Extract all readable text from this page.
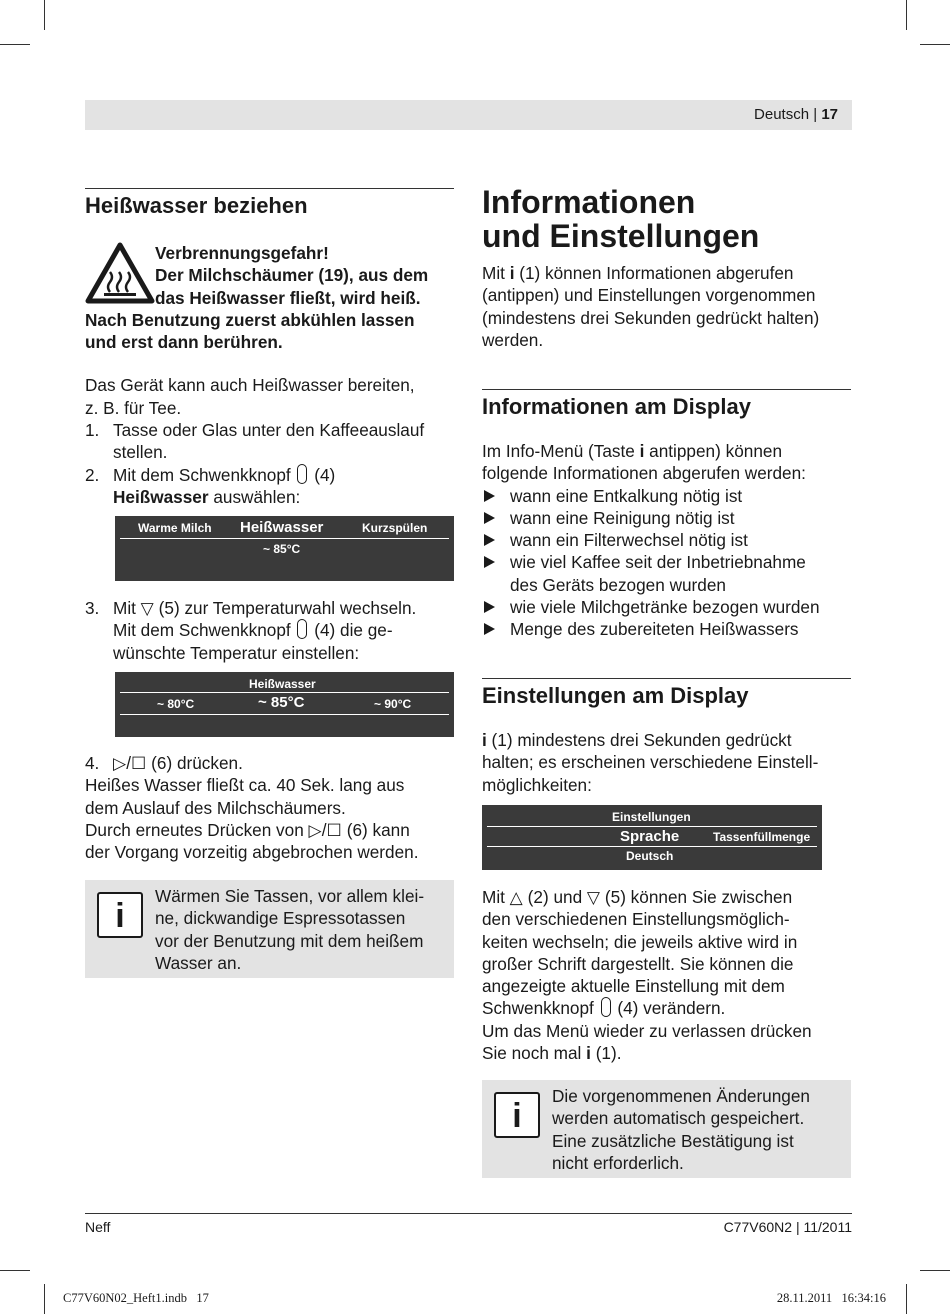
Deutsch | 17
Heißwasser beziehen

Verbrennungsgefahr!

Der Milchschäumer (19), aus dem

das Heißwasser fließt, wird heiß.

Nach Benutzung zuerst abkühlen lassen

und erst dann berühren.

Das Gerät kann auch Heißwasser bereiten,

z. B. für Tee.

1. Tasse oder Glas unter den Kaffeeauslauf
stellen.
2. Mit dem Schwenkknopf (4)
Heißwasser auswählen:
Warme Milch Heißwasser	Kurzspülen
~ 85°C
3. Mit ▽ (5) zur Temperaturwahl wechseln.
Mit dem Schwenkknopf (4) die ge-
wünschte Temperatur einstellen:
Heißwasser
~ 80°C	~ 85°C	~ 90°C
4. ▷/☐ (6) drücken.

Heißes Wasser fließt ca. 40 Sek. lang aus

dem Auslauf des Milchschäumers.

Durch erneutes Drücken von ▷/☐ (6) kann

der Vorgang vorzeitig abgebrochen werden.

i

Wärmen Sie Tassen, vor allem klei-

ne, dickwandige Espressotassen

vor der Benutzung mit dem heißem

Wasser an.

Informationen
und Einstellungen

Mit i (1) können Informationen abgerufen

(antippen) und Einstellungen vorgenommen

(mindestens drei Sekunden gedrückt halten)

werden.

Informationen am Display

Im Info-Menü (Taste i antippen) können

folgende Informationen abgerufen werden:

wann eine Entkalkung nötig ist
wann eine Reinigung nötig ist
wann ein Filterwechsel nötig ist
wie viel Kaffee seit der Inbetriebnahme
des Geräts bezogen wurden
wie viele Milchgetränke bezogen wurden
Menge des zubereiteten Heißwassers
Einstellungen am Display

i (1) mindestens drei Sekunden gedrückt

halten; es erscheinen verschiedene Einstell-

möglichkeiten:

Einstellungen
Sprache	Tassenfüllmenge
Deutsch

Mit △ (2) und ▽ (5) können Sie zwischen

den verschiedenen Einstellungsmöglich-

keiten wechseln; die jeweils aktive wird in

großer Schrift dargestellt. Sie können die

angezeigte aktuelle Einstellung mit dem

Schwenkknopf (4) verändern.

Um das Menü wieder zu verlassen drücken

Sie noch mal i (1).

i

Die vorgenommenen Änderungen

werden automatisch gespeichert.

Eine zusätzliche Bestätigung ist

nicht erforderlich.

Neff	C77V60N2 | 11/2011
C77V60N02_Heft1.indb   17	28.11.2011   16:34:16
